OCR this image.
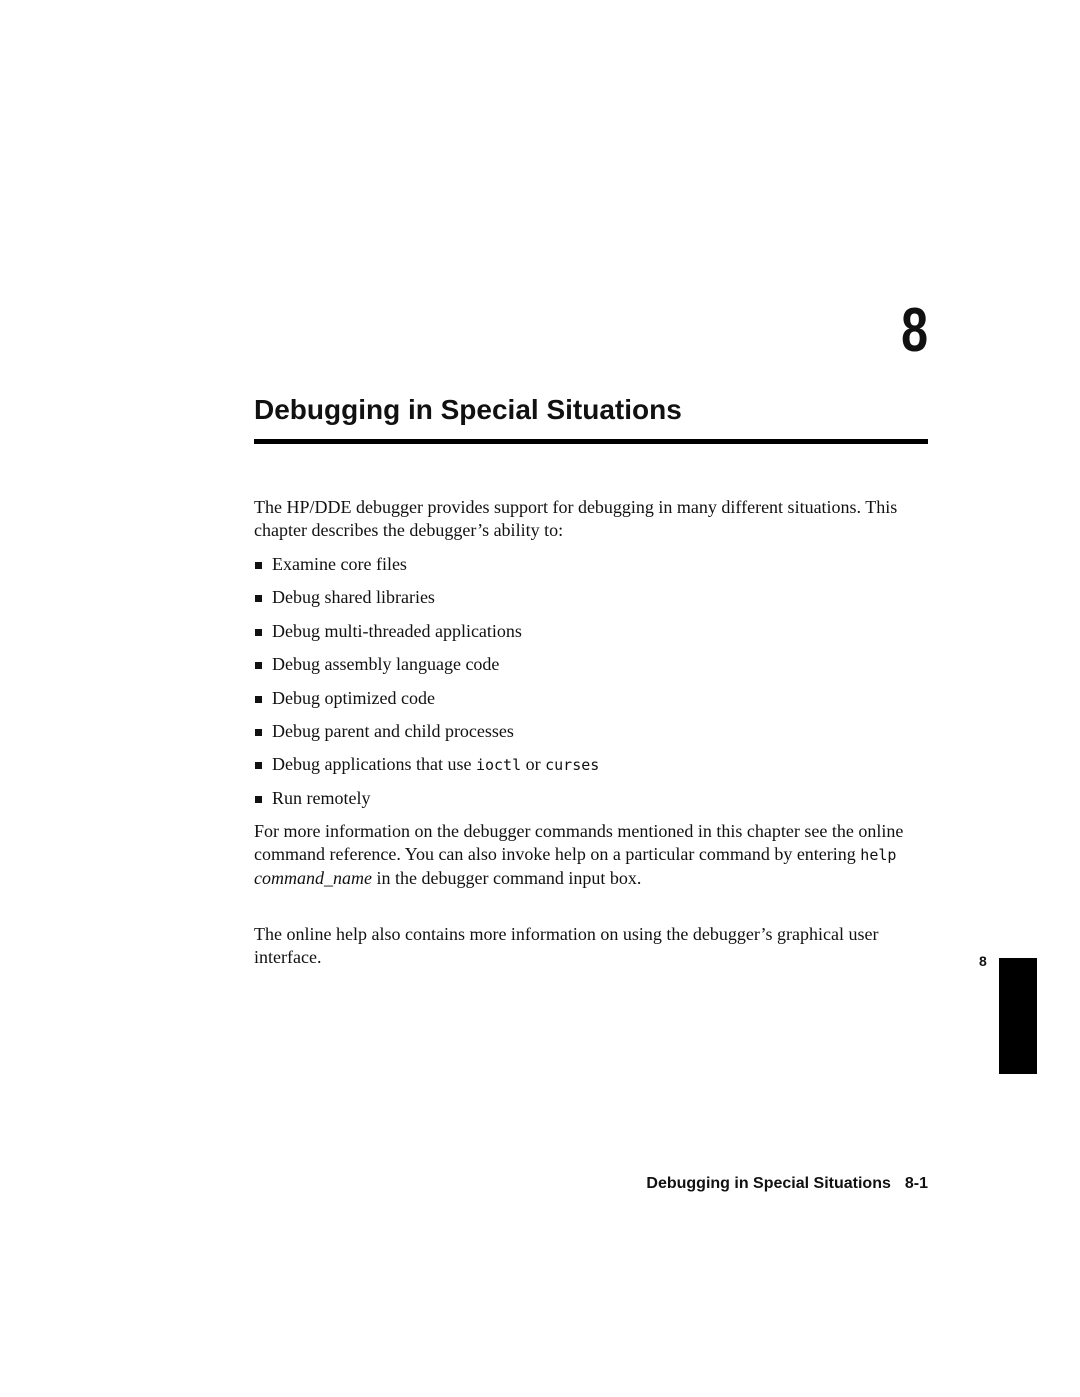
8
Debugging in Special Situations

The HP/DDE debugger provides support for debugging in many different situations. This chapter describes the debugger’s ability to:

Examine core files
Debug shared libraries
Debug multi-threaded applications
Debug assembly language code
Debug optimized code
Debug parent and child processes
Debug applications that use ioctl or curses
Run remotely

For more information on the debugger commands mentioned in this chapter see the online command reference. You can also invoke help on a particular command by entering help command_name in the debugger command input box.

The online help also contains more information on using the debugger’s graphical user interface.	8
Debugging in Special Situations 8-1
